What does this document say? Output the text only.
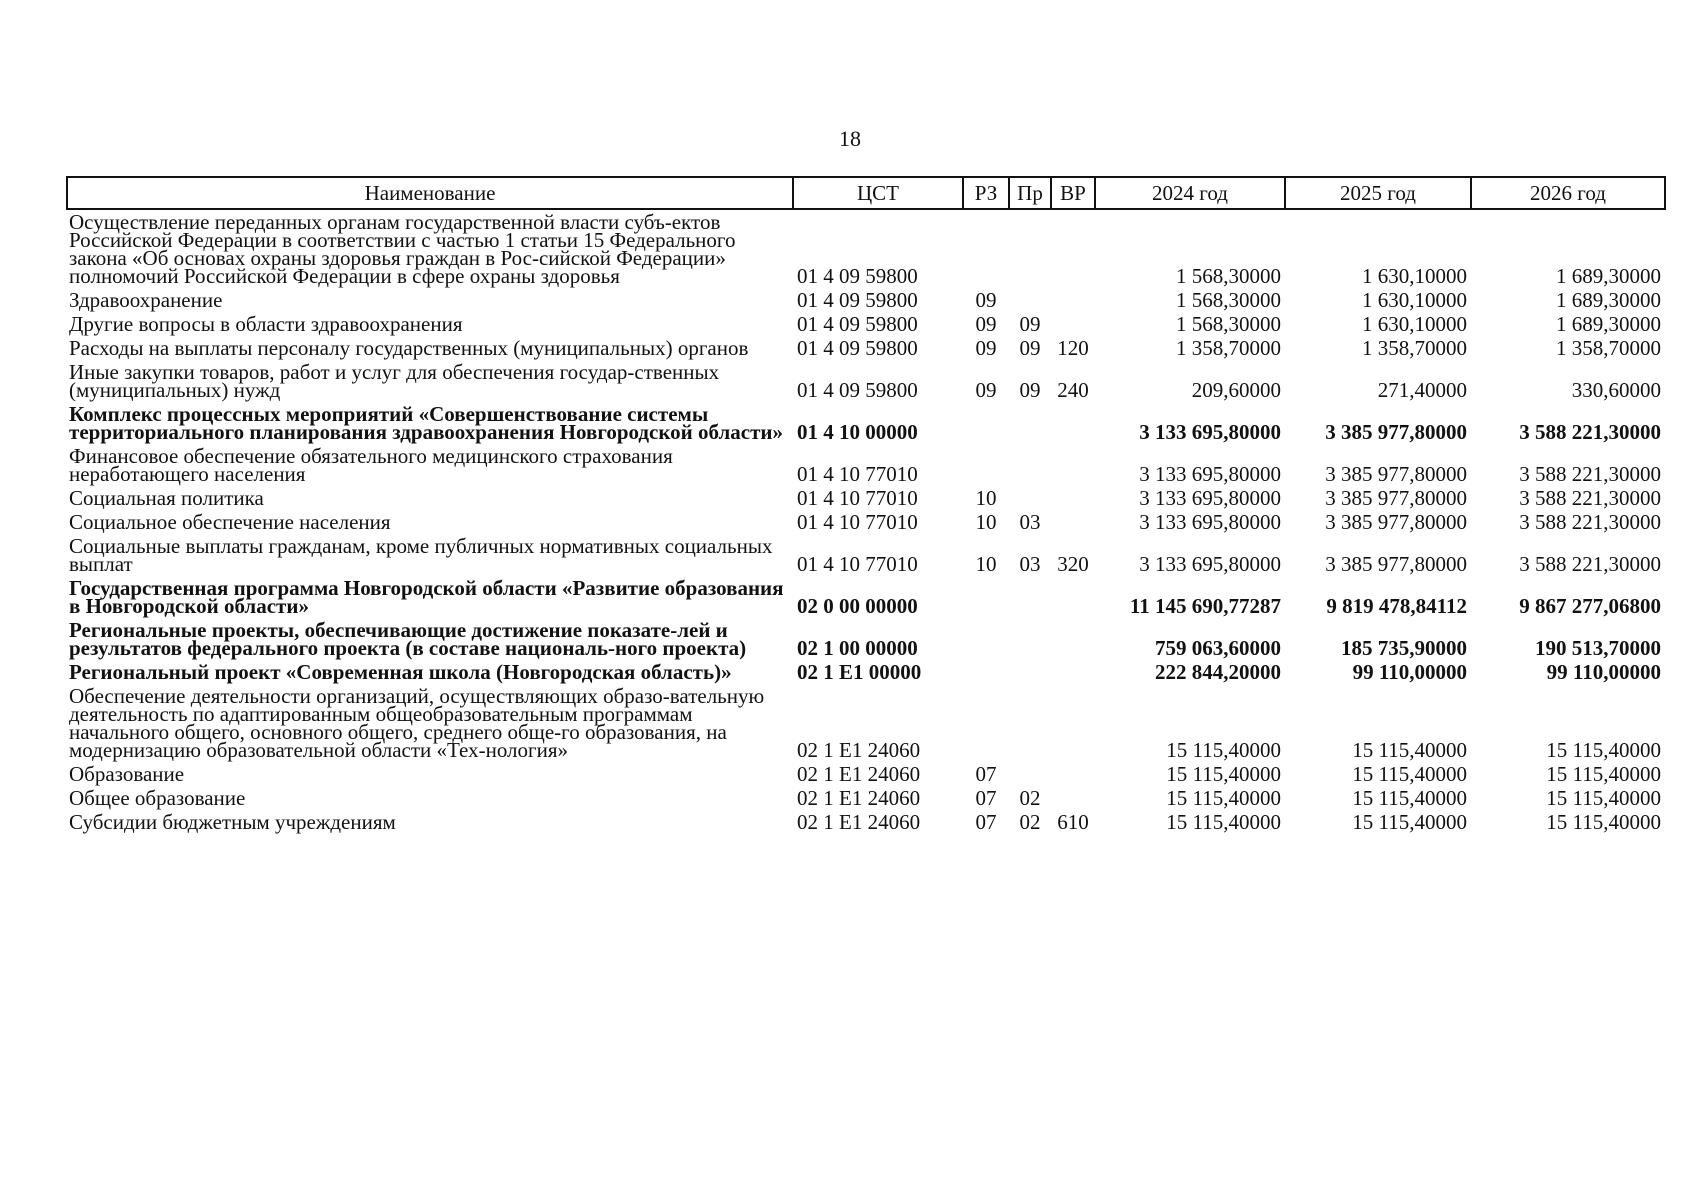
18
Наименование	ЦСТ	РЗ	Пр	ВР	2024 год	2025 год	2026 год

Осуществление переданных органам государственной власти субъ-ектов Российской Федерации в соответствии с частью 1 статьи 15 Федерального закона «Об основах охраны здоровья граждан в Рос-сийской Федерации» полномочий Российской Федерации в сфере охраны здоровья	01 4 09 59800				1 568,30000	1 630,10000	1 689,30000

Здравоохранение	01 4 09 59800	09			1 568,30000	1 630,10000	1 689,30000

Другие вопросы в области здравоохранения	01 4 09 59800	09	09		1 568,30000	1 630,10000	1 689,30000

Расходы на выплаты персоналу государственных (муниципальных) органов	01 4 09 59800	09	09	120	1 358,70000	1 358,70000	1 358,70000

Иные закупки товаров, работ и услуг для обеспечения государ-ственных (муниципальных) нужд	01 4 09 59800	09	09	240	209,60000	271,40000	330,60000

Комплекс процессных мероприятий «Совершенствование системы территориального планирования здравоохранения Новгородской области»	01 4 10 00000				3 133 695,80000	3 385 977,80000	3 588 221,30000

Финансовое обеспечение обязательного медицинского страхования неработающего населения	01 4 10 77010				3 133 695,80000	3 385 977,80000	3 588 221,30000

Социальная политика	01 4 10 77010	10			3 133 695,80000	3 385 977,80000	3 588 221,30000

Социальное обеспечение населения	01 4 10 77010	10	03		3 133 695,80000	3 385 977,80000	3 588 221,30000

Социальные выплаты гражданам, кроме публичных нормативных социальных выплат	01 4 10 77010	10	03	320	3 133 695,80000	3 385 977,80000	3 588 221,30000

Государственная программа Новгородской области «Развитие образования в Новгородской области»	02 0 00 00000				11 145 690,77287	9 819 478,84112	9 867 277,06800

Региональные проекты, обеспечивающие достижение показате-лей и результатов федерального проекта (в составе националь-ного проекта)	02 1 00 00000				759 063,60000	185 735,90000	190 513,70000

Региональный проект «Современная школа (Новгородская область)»	02 1 E1 00000				222 844,20000	99 110,00000	99 110,00000

Обеспечение деятельности организаций, осуществляющих образо-вательную деятельность по адаптированным общеобразовательным программам начального общего, основного общего, среднего обще-го образования, на модернизацию образовательной области «Тех-нология»	02 1 E1 24060				15 115,40000	15 115,40000	15 115,40000

Образование	02 1 E1 24060	07			15 115,40000	15 115,40000	15 115,40000

Общее образование	02 1 E1 24060	07	02		15 115,40000	15 115,40000	15 115,40000

Субсидии бюджетным учреждениям	02 1 E1 24060	07	02	610	15 115,40000	15 115,40000	15 115,40000
